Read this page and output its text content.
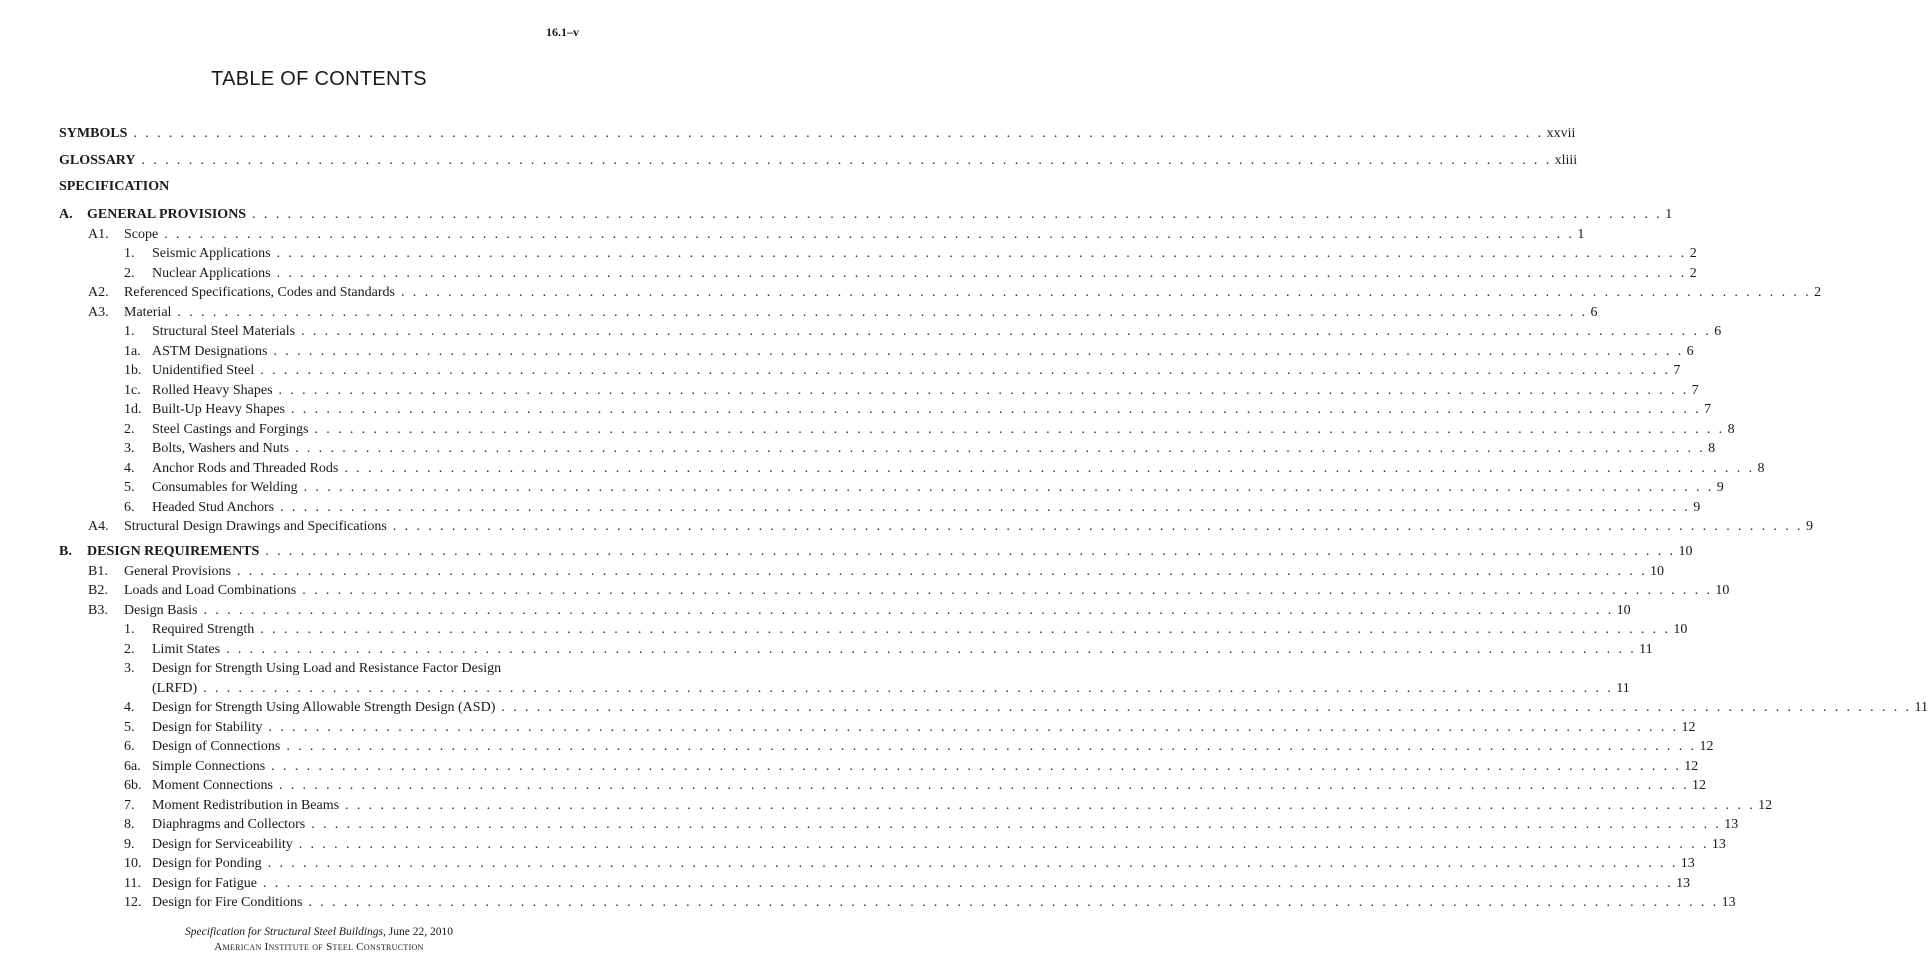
16.1–v
TABLE OF CONTENTS
SYMBOLS . . . . . . . . . . . . . . . . . . . . . . . . . . . . . . . . . . . . . . . . . . . . . . . . . . . . . . . . . . . . . . . . . . . . . . . . . . . . . . . . . . . . . . . . . . . . . . . . . . . . . . . . . . . . . . . . . . . . . . . . xxvii
GLOSSARY . . . . . . . . . . . . . . . . . . . . . . . . . . . . . . . . . . . . . . . . . . . . . . . . . . . . . . . . . . . . . . . . . . . . . . . . . . . . . . . . . . . . . . . . . . . . . . . . . . . . . . . . . . . . . . . . . . . . . . . . xliii
SPECIFICATION
A. GENERAL PROVISIONS . . . . . . . . . . . . . . . . . . . . . . . . . . . . . . . . . . . . . . . . . . . . . . . . . . . . . . . . . . . . . . . . . . . . . . . . . . . . . . . . . . . . . . . . . . . . . . . . . . . . . . . . . . . . . . . . . . . . . . . . 1
A1. Scope . . . . . . . . . . . . . . . . . . . . . . . . . . . . . . . . . . . . . . . . . . . . . . . . . . . . . . . . . . . . . . . . . . . . . . . . . . . . . . . . . . . . . . . . . . . . . . . . . . . . . . . . . . . . . . . . . . . . . . . . 1
1. Seismic Applications . . . . . . . . . . . . . . . . . . . . . . . . . . . . . . . . . . . . . . . . . . . . . . . . . . . . . . . . . . . . . . . . . . . . . . . . . . . . . . . . . . . . . . . . . . . . . . . . . . . . . . . . . . . . . . . . . . . . . . . . 2
2. Nuclear Applications . . . . . . . . . . . . . . . . . . . . . . . . . . . . . . . . . . . . . . . . . . . . . . . . . . . . . . . . . . . . . . . . . . . . . . . . . . . . . . . . . . . . . . . . . . . . . . . . . . . . . . . . . . . . . . . . . . . . . . . . 2
A2. Referenced Specifications, Codes and Standards . . . . . . . . . . . . . . . . . . . . . . . . . . . . . . . . . . . . . . . . . . . . . . . . . . . . . . . . . . . . . . . . . . . . . . . . . . . . . . . . . . . . . . . . . . . . . . . . . . . . . . . . . . . . . . . . . . . . . . . . 2
A3. Material . . . . . . . . . . . . . . . . . . . . . . . . . . . . . . . . . . . . . . . . . . . . . . . . . . . . . . . . . . . . . . . . . . . . . . . . . . . . . . . . . . . . . . . . . . . . . . . . . . . . . . . . . . . . . . . . . . . . . . . . 6
1. Structural Steel Materials . . . . . . . . . . . . . . . . . . . . . . . . . . . . . . . . . . . . . . . . . . . . . . . . . . . . . . . . . . . . . . . . . . . . . . . . . . . . . . . . . . . . . . . . . . . . . . . . . . . . . . . . . . . . . . . . . . . . . . . . 6
1a. ASTM Designations . . . . . . . . . . . . . . . . . . . . . . . . . . . . . . . . . . . . . . . . . . . . . . . . . . . . . . . . . . . . . . . . . . . . . . . . . . . . . . . . . . . . . . . . . . . . . . . . . . . . . . . . . . . . . . . . . . . . . . . . 6
1b. Unidentified Steel . . . . . . . . . . . . . . . . . . . . . . . . . . . . . . . . . . . . . . . . . . . . . . . . . . . . . . . . . . . . . . . . . . . . . . . . . . . . . . . . . . . . . . . . . . . . . . . . . . . . . . . . . . . . . . . . . . . . . . . . 7
1c. Rolled Heavy Shapes . . . . . . . . . . . . . . . . . . . . . . . . . . . . . . . . . . . . . . . . . . . . . . . . . . . . . . . . . . . . . . . . . . . . . . . . . . . . . . . . . . . . . . . . . . . . . . . . . . . . . . . . . . . . . . . . . . . . . . . . 7
1d. Built-Up Heavy Shapes . . . . . . . . . . . . . . . . . . . . . . . . . . . . . . . . . . . . . . . . . . . . . . . . . . . . . . . . . . . . . . . . . . . . . . . . . . . . . . . . . . . . . . . . . . . . . . . . . . . . . . . . . . . . . . . . . . . . . . . . 7
2. Steel Castings and Forgings . . . . . . . . . . . . . . . . . . . . . . . . . . . . . . . . . . . . . . . . . . . . . . . . . . . . . . . . . . . . . . . . . . . . . . . . . . . . . . . . . . . . . . . . . . . . . . . . . . . . . . . . . . . . . . . . . . . . . . . . 8
3. Bolts, Washers and Nuts . . . . . . . . . . . . . . . . . . . . . . . . . . . . . . . . . . . . . . . . . . . . . . . . . . . . . . . . . . . . . . . . . . . . . . . . . . . . . . . . . . . . . . . . . . . . . . . . . . . . . . . . . . . . . . . . . . . . . . . . 8
4. Anchor Rods and Threaded Rods . . . . . . . . . . . . . . . . . . . . . . . . . . . . . . . . . . . . . . . . . . . . . . . . . . . . . . . . . . . . . . . . . . . . . . . . . . . . . . . . . . . . . . . . . . . . . . . . . . . . . . . . . . . . . . . . . . . . . . . . 8
5. Consumables for Welding . . . . . . . . . . . . . . . . . . . . . . . . . . . . . . . . . . . . . . . . . . . . . . . . . . . . . . . . . . . . . . . . . . . . . . . . . . . . . . . . . . . . . . . . . . . . . . . . . . . . . . . . . . . . . . . . . . . . . . . . 9
6. Headed Stud Anchors . . . . . . . . . . . . . . . . . . . . . . . . . . . . . . . . . . . . . . . . . . . . . . . . . . . . . . . . . . . . . . . . . . . . . . . . . . . . . . . . . . . . . . . . . . . . . . . . . . . . . . . . . . . . . . . . . . . . . . . . 9
A4. Structural Design Drawings and Specifications . . . . . . . . . . . . . . . . . . . . . . . . . . . . . . . . . . . . . . . . . . . . . . . . . . . . . . . . . . . . . . . . . . . . . . . . . . . . . . . . . . . . . . . . . . . . . . . . . . . . . . . . . . . . . . . . . . . . . . . . 9
B. DESIGN REQUIREMENTS . . . . . . . . . . . . . . . . . . . . . . . . . . . . . . . . . . . . . . . . . . . . . . . . . . . . . . . . . . . . . . . . . . . . . . . . . . . . . . . . . . . . . . . . . . . . . . . . . . . . . . . . . . . . . . . . . . . . . . . . 10
B1. General Provisions . . . . . . . . . . . . . . . . . . . . . . . . . . . . . . . . . . . . . . . . . . . . . . . . . . . . . . . . . . . . . . . . . . . . . . . . . . . . . . . . . . . . . . . . . . . . . . . . . . . . . . . . . . . . . . . . . . . . . . . . 10
B2. Loads and Load Combinations . . . . . . . . . . . . . . . . . . . . . . . . . . . . . . . . . . . . . . . . . . . . . . . . . . . . . . . . . . . . . . . . . . . . . . . . . . . . . . . . . . . . . . . . . . . . . . . . . . . . . . . . . . . . . . . . . . . . . . . . 10
B3. Design Basis . . . . . . . . . . . . . . . . . . . . . . . . . . . . . . . . . . . . . . . . . . . . . . . . . . . . . . . . . . . . . . . . . . . . . . . . . . . . . . . . . . . . . . . . . . . . . . . . . . . . . . . . . . . . . . . . . . . . . . . . 10
1. Required Strength . . . . . . . . . . . . . . . . . . . . . . . . . . . . . . . . . . . . . . . . . . . . . . . . . . . . . . . . . . . . . . . . . . . . . . . . . . . . . . . . . . . . . . . . . . . . . . . . . . . . . . . . . . . . . . . . . . . . . . . . 10
2. Limit States . . . . . . . . . . . . . . . . . . . . . . . . . . . . . . . . . . . . . . . . . . . . . . . . . . . . . . . . . . . . . . . . . . . . . . . . . . . . . . . . . . . . . . . . . . . . . . . . . . . . . . . . . . . . . . . . . . . . . . . . 11
3. Design for Strength Using Load and Resistance Factor Design
(LRFD) . . . . . . . . . . . . . . . . . . . . . . . . . . . . . . . . . . . . . . . . . . . . . . . . . . . . . . . . . . . . . . . . . . . . . . . . . . . . . . . . . . . . . . . . . . . . . . . . . . . . . . . . . . . . . . . . . . . . . . . . 11
4. Design for Strength Using Allowable Strength Design (ASD) . . . . . . . . . . . . . . . . . . . . . . . . . . . . . . . . . . . . . . . . . . . . . . . . . . . . . . . . . . . . . . . . . . . . . . . . . . . . . . . . . . . . . . . . . . . . . . . . . . . . . . . . . . . . . . . . . . . . . . . . 11
5. Design for Stability . . . . . . . . . . . . . . . . . . . . . . . . . . . . . . . . . . . . . . . . . . . . . . . . . . . . . . . . . . . . . . . . . . . . . . . . . . . . . . . . . . . . . . . . . . . . . . . . . . . . . . . . . . . . . . . . . . . . . . . . 12
6. Design of Connections . . . . . . . . . . . . . . . . . . . . . . . . . . . . . . . . . . . . . . . . . . . . . . . . . . . . . . . . . . . . . . . . . . . . . . . . . . . . . . . . . . . . . . . . . . . . . . . . . . . . . . . . . . . . . . . . . . . . . . . . 12
6a. Simple Connections . . . . . . . . . . . . . . . . . . . . . . . . . . . . . . . . . . . . . . . . . . . . . . . . . . . . . . . . . . . . . . . . . . . . . . . . . . . . . . . . . . . . . . . . . . . . . . . . . . . . . . . . . . . . . . . . . . . . . . . . 12
6b. Moment Connections . . . . . . . . . . . . . . . . . . . . . . . . . . . . . . . . . . . . . . . . . . . . . . . . . . . . . . . . . . . . . . . . . . . . . . . . . . . . . . . . . . . . . . . . . . . . . . . . . . . . . . . . . . . . . . . . . . . . . . . . 12
7. Moment Redistribution in Beams . . . . . . . . . . . . . . . . . . . . . . . . . . . . . . . . . . . . . . . . . . . . . . . . . . . . . . . . . . . . . . . . . . . . . . . . . . . . . . . . . . . . . . . . . . . . . . . . . . . . . . . . . . . . . . . . . . . . . . . . 12
8. Diaphragms and Collectors . . . . . . . . . . . . . . . . . . . . . . . . . . . . . . . . . . . . . . . . . . . . . . . . . . . . . . . . . . . . . . . . . . . . . . . . . . . . . . . . . . . . . . . . . . . . . . . . . . . . . . . . . . . . . . . . . . . . . . . . 13
9. Design for Serviceability . . . . . . . . . . . . . . . . . . . . . . . . . . . . . . . . . . . . . . . . . . . . . . . . . . . . . . . . . . . . . . . . . . . . . . . . . . . . . . . . . . . . . . . . . . . . . . . . . . . . . . . . . . . . . . . . . . . . . . . . 13
10. Design for Ponding . . . . . . . . . . . . . . . . . . . . . . . . . . . . . . . . . . . . . . . . . . . . . . . . . . . . . . . . . . . . . . . . . . . . . . . . . . . . . . . . . . . . . . . . . . . . . . . . . . . . . . . . . . . . . . . . . . . . . . . . 13
11. Design for Fatigue . . . . . . . . . . . . . . . . . . . . . . . . . . . . . . . . . . . . . . . . . . . . . . . . . . . . . . . . . . . . . . . . . . . . . . . . . . . . . . . . . . . . . . . . . . . . . . . . . . . . . . . . . . . . . . . . . . . . . . . . 13
12. Design for Fire Conditions . . . . . . . . . . . . . . . . . . . . . . . . . . . . . . . . . . . . . . . . . . . . . . . . . . . . . . . . . . . . . . . . . . . . . . . . . . . . . . . . . . . . . . . . . . . . . . . . . . . . . . . . . . . . . . . . . . . . . . . . 13
Specification for Structural Steel Buildings, June 22, 2010
American Institute of Steel Construction
